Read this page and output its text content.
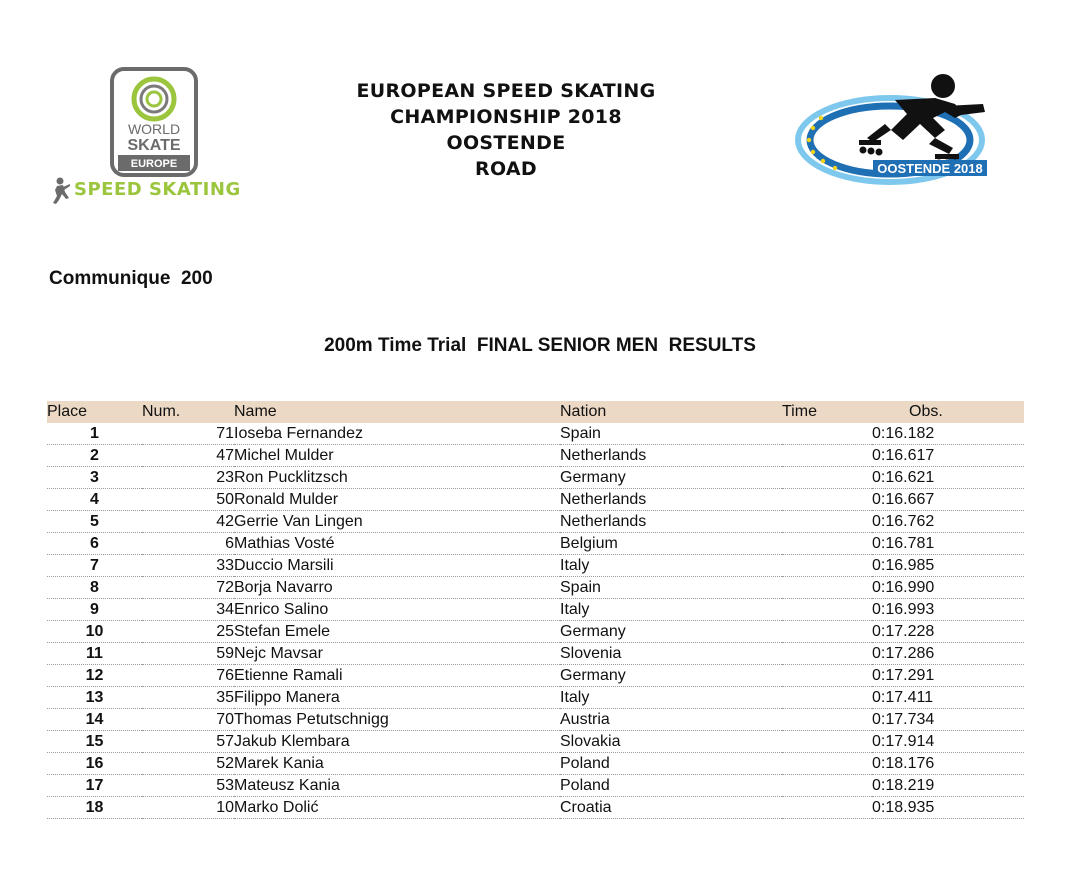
WORLD
SKATE
EUROPE
SPEED SKATING
EUROPEAN SPEED SKATING
CHAMPIONSHIP 2018
OOSTENDE
ROAD	OOSTENDE 2018
Communique  200
200m Time Trial  FINAL SENIOR MEN  RESULTS
Place	Num.	Name	Nation	Time	Obs.
1	71	Ioseba Fernandez	Spain		0:16.182
2	47	Michel Mulder	Netherlands		0:16.617
3	23	Ron Pucklitzsch	Germany		0:16.621
4	50	Ronald Mulder	Netherlands		0:16.667
5	42	Gerrie Van Lingen	Netherlands		0:16.762
6	6	Mathias Vosté	Belgium		0:16.781
7	33	Duccio Marsili	Italy		0:16.985
8	72	Borja Navarro	Spain		0:16.990
9	34	Enrico Salino	Italy		0:16.993
10	25	Stefan Emele	Germany		0:17.228
11	59	Nejc Mavsar	Slovenia		0:17.286
12	76	Etienne Ramali	Germany		0:17.291
13	35	Filippo Manera	Italy		0:17.411
14	70	Thomas Petutschnigg	Austria		0:17.734
15	57	Jakub Klembara	Slovakia		0:17.914
16	52	Marek Kania	Poland		0:18.176
17	53	Mateusz Kania	Poland		0:18.219
18	10	Marko Dolić	Croatia		0:18.935
